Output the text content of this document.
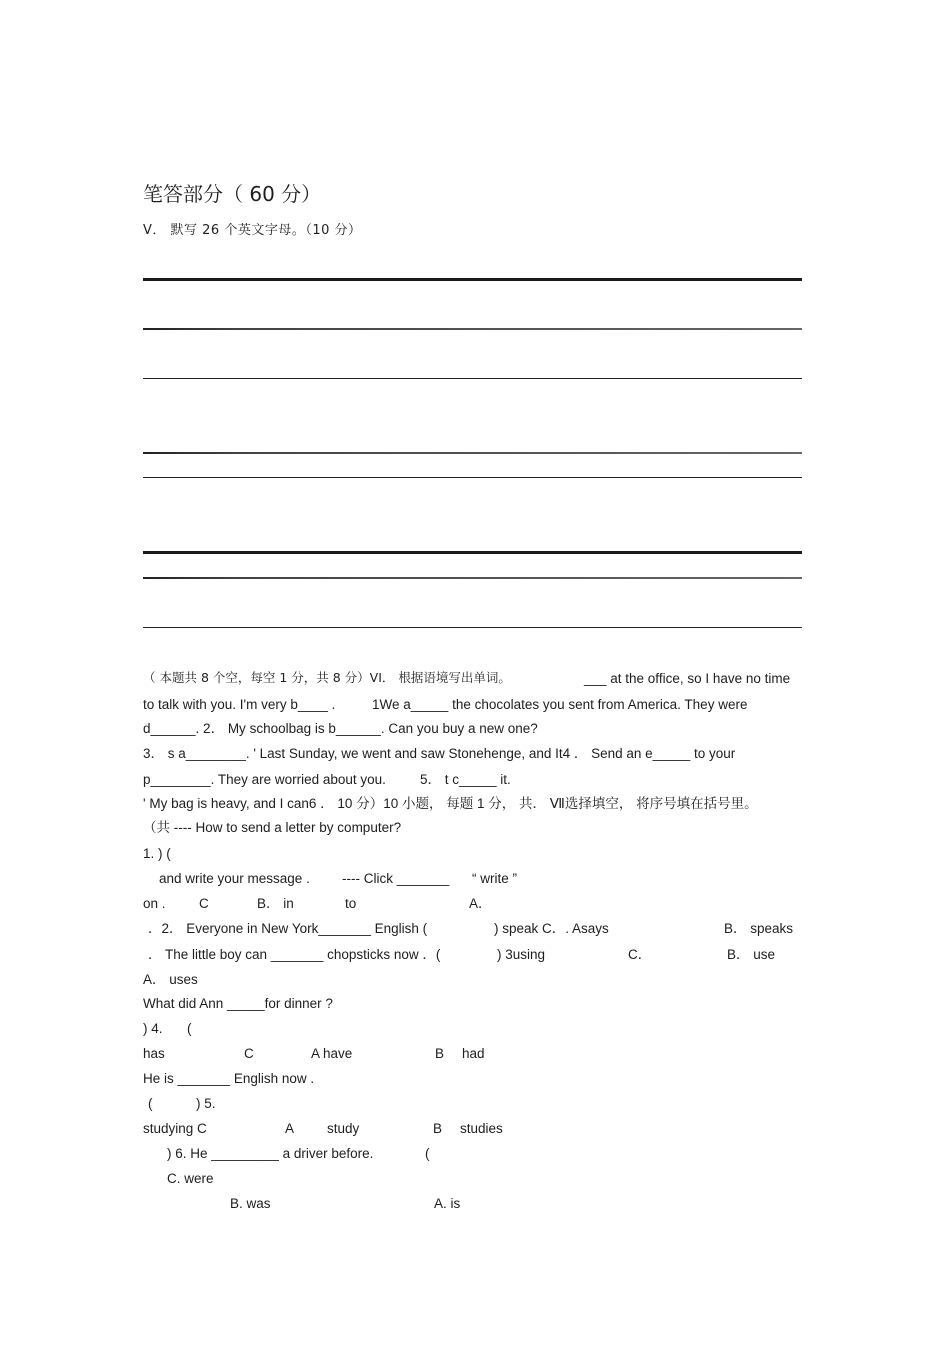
笔答部分（ 60 分）
V． 默写 26 个英文字母。（10 分）
（ 本题共 8 个空，每空 1 分，共 8 分）VI． 根据语境写出单词。	___ at the office, so I have no time
to talk with you. I'm very b____ .	1We a_____ the chocolates you sent from America. They were
d______. 2． My schoolbag is b______. Can you buy a new one?
3． s a________. ' Last Sunday, we went and saw Stonehenge, and It4 ． Send an e_____ to your
p________. They are worried about you.	5． t c_____ it.
' My bag is heavy, and I can6 ． 10 分）10 小题， 每题 1 分， 共． Ⅶ选择填空， 将序号填在括号里。
（共 ---- How to send a letter by computer?
1. ) (
and write your message . ---- Click _______ “ write ”
on . C	B． in	to	A．
．2． Everyone in New York_______ English (	) speak C．. Asays	B． speaks
． The little boy can _______ chopsticks now ．(	) 3using	C．	B． use
A． uses
What did Ann _____for dinner ?
) 4. (
has	C	A have	B had
He is _______ English now .
(	) 5.
studying C	A study	B studies
) 6. He _________ a driver before.	(
C. were
B. was	A. is
